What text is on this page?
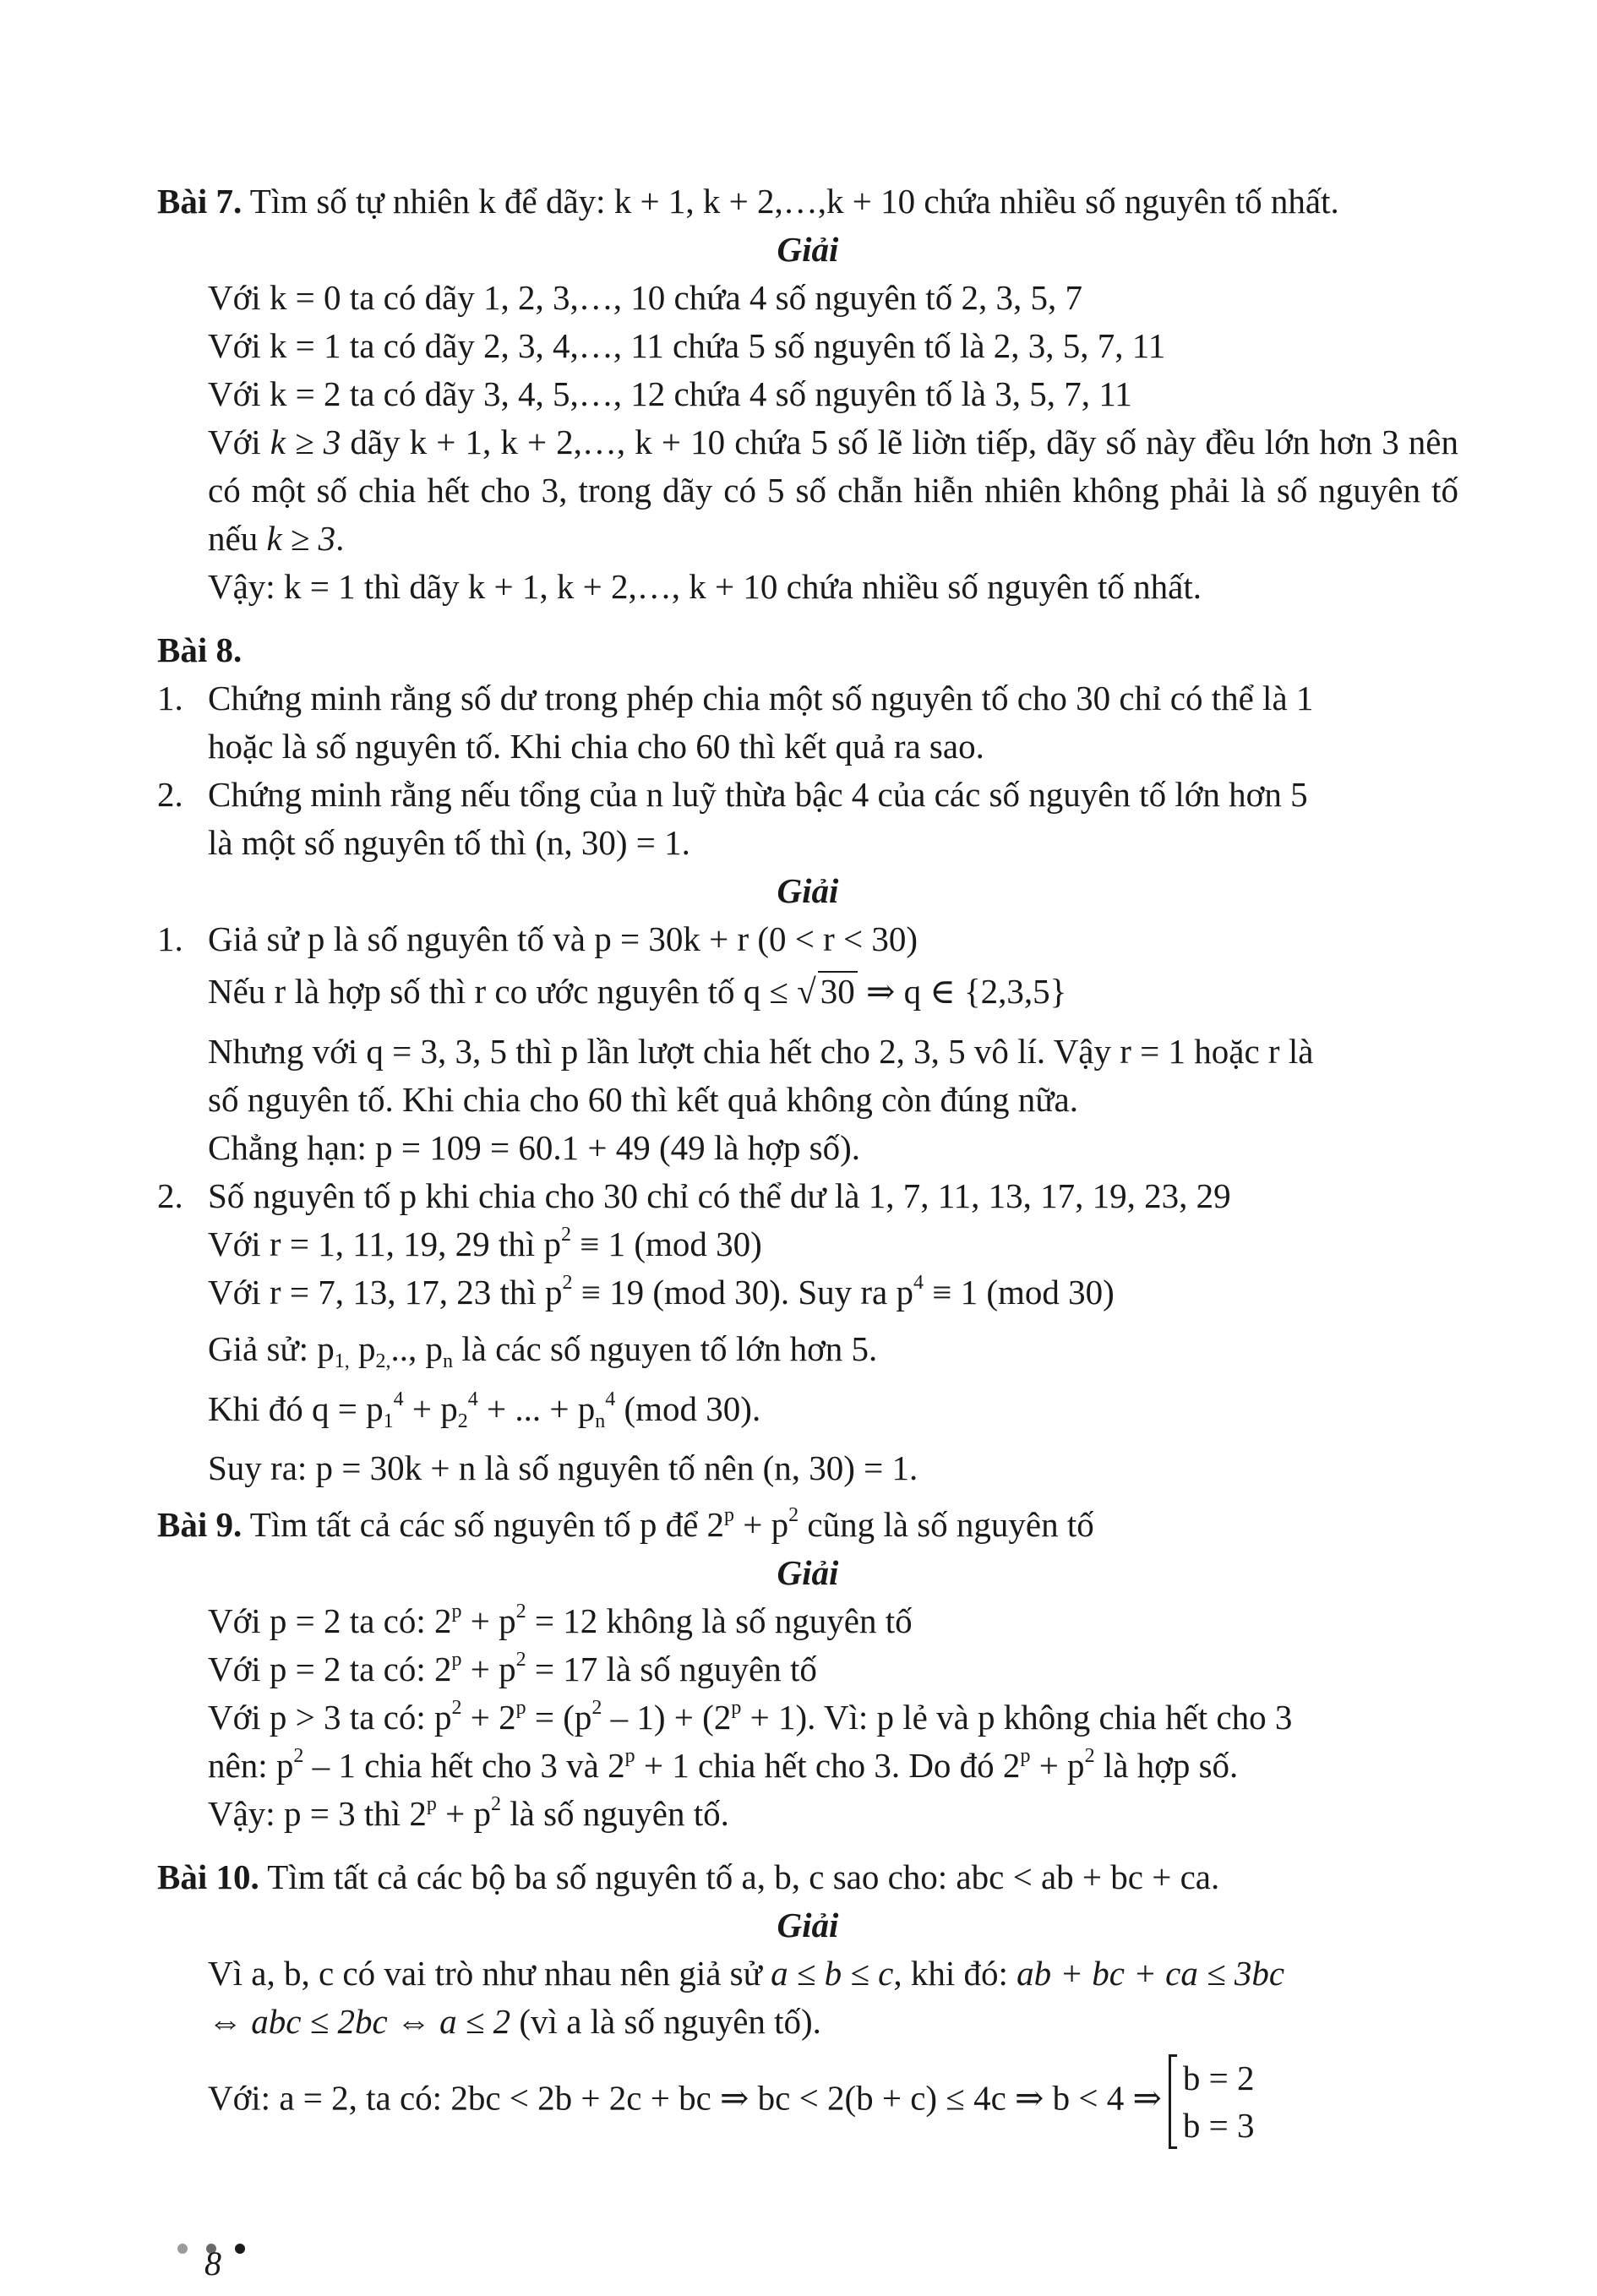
Bài 7. Tìm số tự nhiên k để dãy: k + 1, k + 2,…,k + 10 chứa nhiều số nguyên tố nhất.
Giải
Với k = 0 ta có dãy 1, 2, 3,…, 10 chứa 4 số nguyên tố 2, 3, 5, 7
Với k = 1 ta có dãy 2, 3, 4,…, 11 chứa 5 số nguyên tố là 2, 3, 5, 7, 11
Với k = 2 ta có dãy 3, 4, 5,…, 12 chứa 4 số nguyên tố là 3, 5, 7, 11
Với k ≥ 3 dãy k + 1, k + 2,…, k + 10 chứa 5 số lẽ liờn tiếp, dãy số này đều lớn hơn 3 nên có một số chia hết cho 3, trong dãy có 5 số chẵn hiễn nhiên không phải là số nguyên tố nếu k ≥ 3.
Vậy: k = 1 thì dãy k + 1, k + 2,…, k + 10 chứa nhiều số nguyên tố nhất.
Bài 8.
1. Chứng minh rằng số dư trong phép chia một số nguyên tố cho 30 chỉ có thể là 1
hoặc là số nguyên tố. Khi chia cho 60 thì kết quả ra sao.
2. Chứng minh rằng nếu tổng của n luỹ thừa bậc 4 của các số nguyên tố lớn hơn 5
là một số nguyên tố thì (n, 30) = 1.
Giải
1. Giả sử p là số nguyên tố và p = 30k + r (0 < r < 30)
Nếu r là hợp số thì r co ước nguyên tố q ≤ √ 30 ⇒ q ∈ {2,3,5}
Nhưng với q = 3, 3, 5 thì p lần lượt chia hết cho 2, 3, 5 vô lí. Vậy r = 1 hoặc r là
số nguyên tố. Khi chia cho 60 thì kết quả không còn đúng nữa.
Chẳng hạn: p = 109 = 60.1 + 49 (49 là hợp số).
2. Số nguyên tố p khi chia cho 30 chỉ có thể dư là 1, 7, 11, 13, 17, 19, 23, 29
Với r = 1, 11, 19, 29 thì $p^2 \equiv 1$ (mod 30)
Với r = 7, 13, 17, 23 thì $p^2 \equiv 19$ (mod 30). Suy ra $p^4 \equiv 1$ (mod 30)
Giả sử: $p_{1,}$ $p_{2,}$.., $p_n$ là các số nguyen tố lớn hơn 5.
Khi đó $q = p_1^4 + p_2^4$ + ... + $p_n^4$ (mod 30).
Suy ra: p = 30k + n là số nguyên tố nên (n, 30) = 1.
Bài 9. Tìm tất cả các số nguyên tố p để $2^p + p^2$ cũng là số nguyên tố
Giải
Với p = 2 ta có: $2^p + p^2 = 12$ không là số nguyên tố
Với p = 2 ta có: $2^p + p^2 = 17$ là số nguyên tố
Với p > 3 ta có: $p^2 + 2^p = (p^2 - 1) + (2^p + 1)$. Vì: p lẻ và p không chia hết cho 3
nên: $p^2 - 1$ chia hết cho 3 và $2^p + 1$ chia hết cho 3. Do đó $2^p + p^2$ là hợp số.
Vậy: p = 3 thì $2^p + p^2$ là số nguyên tố.
Bài 10. Tìm tất cả các bộ ba số nguyên tố a, b, c sao cho: abc < ab + bc + ca.
Giải
Vì a, b, c có vai trò như nhau nên giả sử a ≤ b ≤ c, khi đó: ab + bc + ca ≤ 3bc
⇔ abc ≤ 2bc ⇔ a ≤ 2 (vì a là số nguyên tố).
Với: a = 2, ta có: 2bc < 2b + 2c + bc ⇒ bc < 2(b + c) ≤ 4c ⇒ b < 4 ⇒
b = 2
b = 3
8
